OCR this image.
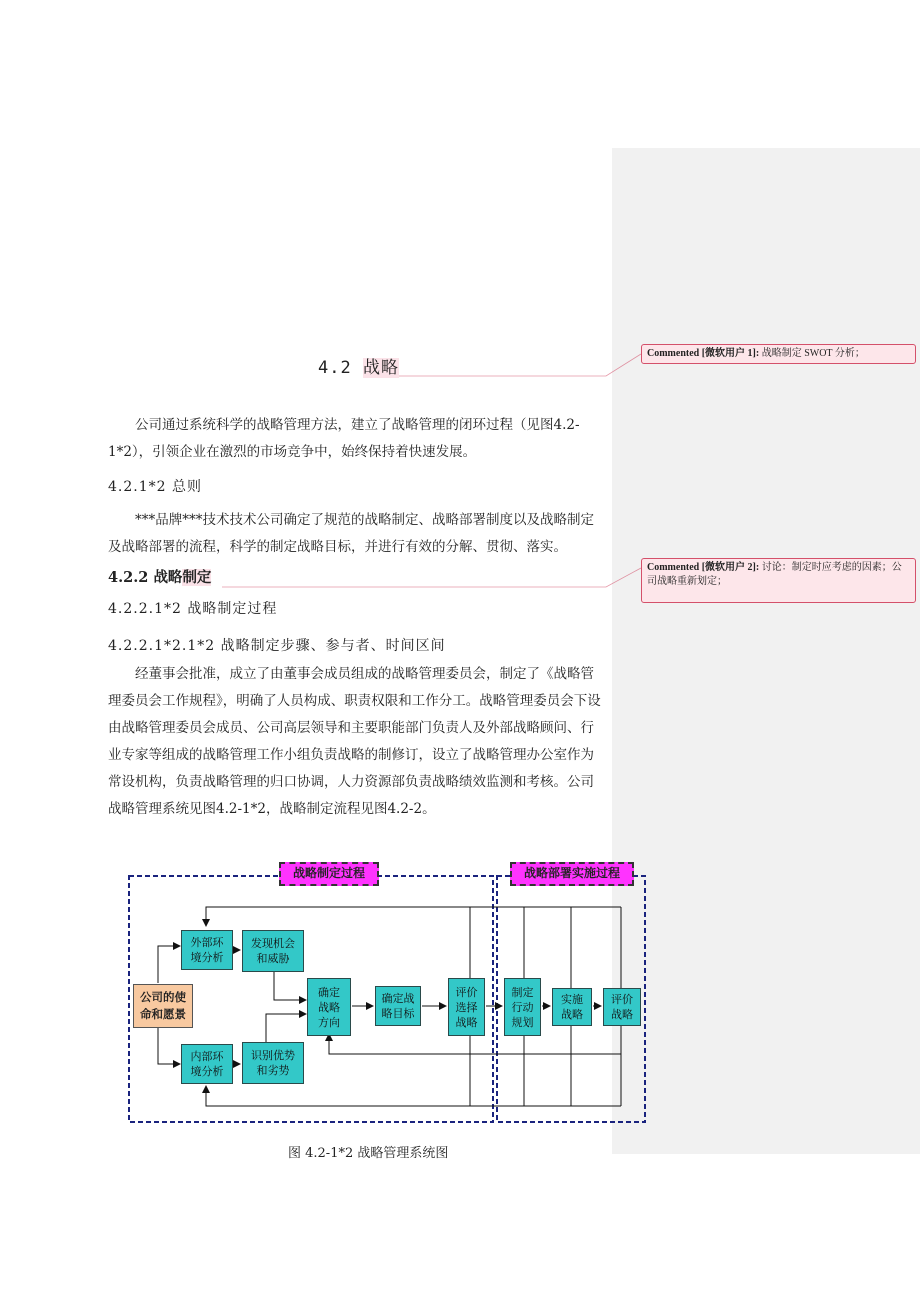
Commented [微软用户 1]: 战略制定 SWOT 分析；
Commented [微软用户 2]: 讨论：制定时应考虑的因素；公司战略重新划定；
4.2 战略

公司通过系统科学的战略管理方法，建立了战略管理的闭环过程（见图4.2-1*2），引领企业在激烈的市场竞争中，始终保持着快速发展。

4.2.1*2 总则

***品牌***技术技术公司确定了规范的战略制定、战略部署制度以及战略制定及战略部署的流程，科学的制定战略目标，并进行有效的分解、贯彻、落实。

4.2.2 战略制定
4.2.2.1*2 战略制定过程
4.2.2.1*2.1*2 战略制定步骤、参与者、时间区间

经董事会批准，成立了由董事会成员组成的战略管理委员会，制定了《战略管理委员会工作规程》，明确了人员构成、职责权限和工作分工。战略管理委员会下设由战略管理委员会成员、公司高层领导和主要职能部门负责人及外部战略顾问、行业专家等组成的战略管理工作小组负责战略的制修订，设立了战略管理办公室作为常设机构，负责战略管理的归口协调，人力资源部负责战略绩效监测和考核。公司战略管理系统见图4.2-1*2，战略制定流程见图4.2-2。

战略制定过程	战略部署实施过程
公司的使
命和愿景
外部环
境分析
发现机会
和威胁
内部环
境分析
识别优势
和劣势
确定
战略
方向
确定战
略目标
评价
选择
战略
制定
行动
规划
实施
战略
评价
战略
图 4.2-1*2 战略管理系统图
